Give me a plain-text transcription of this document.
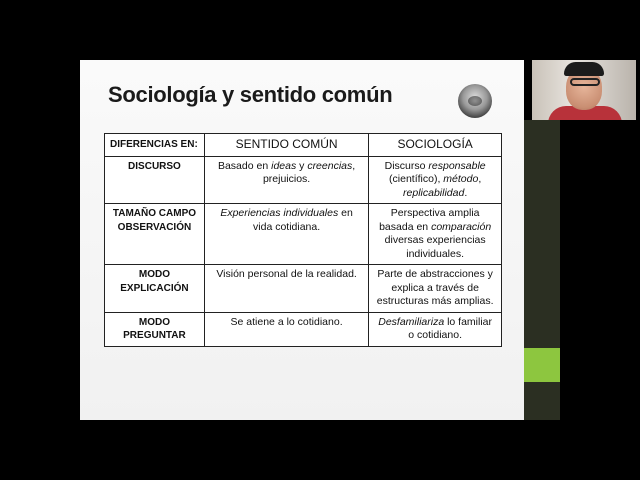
Sociología y sentido común
DIFERENCIAS EN:	SENTIDO COMÚN	SOCIOLOGÍA
DISCURSO	Basado en ideas y creencias, prejuicios.	Discurso responsable (científico), método, replicabilidad.
TAMAÑO CAMPO OBSERVACIÓN	Experiencias individuales en vida cotidiana.	Perspectiva amplia basada en comparación diversas experiencias individuales.
MODO EXPLICACIÓN	Visión personal de la realidad.	Parte de abstracciones y explica a través de estructuras más amplias.
MODO PREGUNTAR	Se atiene a lo cotidiano.	Desfamiliariza lo familiar o cotidiano.
